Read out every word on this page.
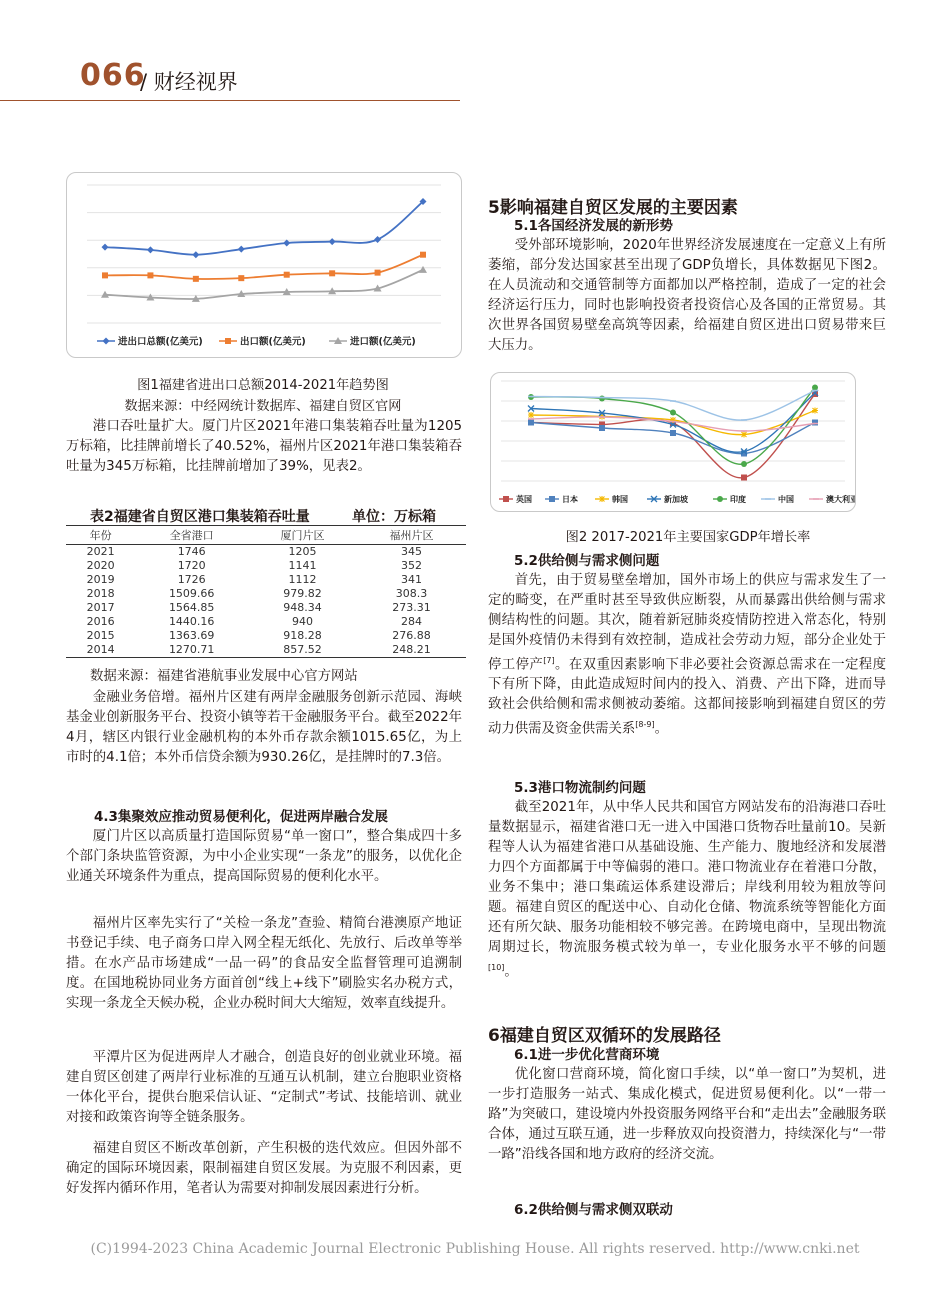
066
/ 财经视界
进出口总额(亿美元)	出口额(亿美元)	进口额(亿美元)
图1福建省进出口总额2014-2021年趋势图
数据来源：中经网统计数据库、福建自贸区官网
港口吞吐量扩大。厦门片区2021年港口集装箱吞吐量为1205万标箱，比挂牌前增长了40.52%，福州片区2021年港口集装箱吞吐量为345万标箱，比挂牌前增加了39%，见表2。
表2福建省自贸区港口集装箱吞吐量	单位：万标箱
年份	全省港口	厦门片区	福州片区
2021	1746	1205	345
2020	1720	1141	352
2019	1726	1112	341
2018	1509.66	979.82	308.3
2017	1564.85	948.34	273.31
2016	1440.16	940	284
2015	1363.69	918.28	276.88
2014	1270.71	857.52	248.21
数据来源：福建省港航事业发展中心官方网站
金融业务倍增。福州片区建有两岸金融服务创新示范园、海峡基金业创新服务平台、投资小镇等若干金融服务平台。截至2022年4月，辖区内银行业金融机构的本外币存款余额1015.65亿，为上市时的4.1倍；本外币信贷余额为930.26亿，是挂牌时的7.3倍。
4.3集聚效应推动贸易便利化，促进两岸融合发展
厦门片区以高质量打造国际贸易“单一窗口”，整合集成四十多个部门条块监管资源，为中小企业实现“一条龙”的服务，以优化企业通关环境条件为重点，提高国际贸易的便利化水平。
福州片区率先实行了“关检一条龙”查验、精简台港澳原产地证书登记手续、电子商务口岸入网全程无纸化、先放行、后改单等举措。在水产品市场建成“一品一码”的食品安全监督管理可追溯制度。在国地税协同业务方面首创“线上+线下”刷脸实名办税方式，实现一条龙全天候办税，企业办税时间大大缩短，效率直线提升。
平潭片区为促进两岸人才融合，创造良好的创业就业环境。福建自贸区创建了两岸行业标准的互通互认机制，建立台胞职业资格一体化平台，提供台胞采信认证、“定制式”考试、技能培训、就业对接和政策咨询等全链条服务。
福建自贸区不断改革创新，产生积极的迭代效应。但因外部不确定的国际环境因素，限制福建自贸区发展。为克服不利因素，更好发挥内循环作用，笔者认为需要对抑制发展因素进行分析。
5影响福建自贸区发展的主要因素
5.1各国经济发展的新形势
受外部环境影响，2020年世界经济发展速度在一定意义上有所萎缩，部分发达国家甚至出现了GDP负增长，具体数据见下图2。在人员流动和交通管制等方面都加以严格控制，造成了一定的社会经济运行压力，同时也影响投资者投资信心及各国的正常贸易。其次世界各国贸易壁垒高筑等因素，给福建自贸区进出口贸易带来巨大压力。
英国	日本	韩国	新加坡	印度	中国	澳大利亚
图2 2017-2021年主要国家GDP年增长率
5.2供给侧与需求侧问题
首先，由于贸易壁垒增加，国外市场上的供应与需求发生了一定的畸变，在严重时甚至导致供应断裂，从而暴露出供给侧与需求侧结构性的问题。其次，随着新冠肺炎疫情防控进入常态化，特别是国外疫情仍未得到有效控制，造成社会劳动力短，部分企业处于停工停产[7]。在双重因素影响下非必要社会资源总需求在一定程度下有所下降，由此造成短时间内的投入、消费、产出下降，进而导致社会供给侧和需求侧被动萎缩。这都间接影响到福建自贸区的劳动力供需及资金供需关系[8-9]。
5.3港口物流制约问题
截至2021年，从中华人民共和国官方网站发布的沿海港口吞吐量数据显示，福建省港口无一进入中国港口货物吞吐量前10。吴新程等人认为福建省港口从基础设施、生产能力、腹地经济和发展潜力四个方面都属于中等偏弱的港口。港口物流业存在着港口分散，业务不集中；港口集疏运体系建设滞后；岸线利用较为粗放等问题。福建自贸区的配送中心、自动化仓储、物流系统等智能化方面还有所欠缺、服务功能相较不够完善。在跨境电商中，呈现出物流周期过长，物流服务模式较为单一，专业化服务水平不够的问题[10]。
6福建自贸区双循环的发展路径
6.1进一步优化营商环境
优化窗口营商环境，简化窗口手续，以“单一窗口”为契机，进一步打造服务一站式、集成化模式，促进贸易便利化。以“一带一路”为突破口，建设境内外投资服务网络平台和“走出去”金融服务联合体，通过互联互通，进一步释放双向投资潜力，持续深化与“一带一路”沿线各国和地方政府的经济交流。
6.2供给侧与需求侧双联动
(C)1994-2023 China Academic Journal Electronic Publishing House. All rights reserved. http://www.cnki.net
